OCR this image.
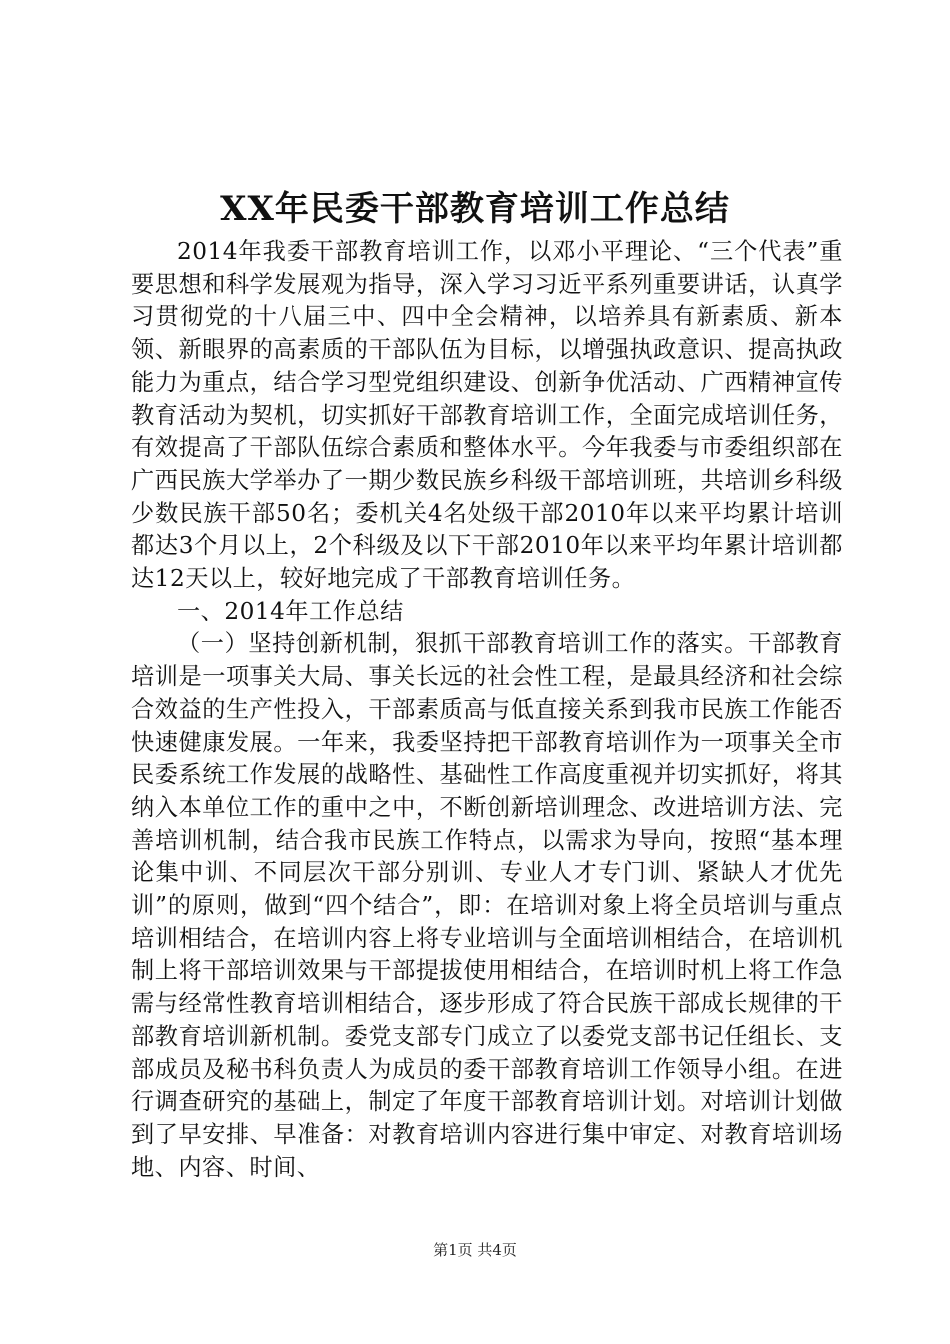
XX年民委干部教育培训工作总结

2014年我委干部教育培训工作，以邓小平理论、“三个代表”重要思想和科学发展观为指导，深入学习习近平系列重要讲话，认真学习贯彻党的十八届三中、四中全会精神，以培养具有新素质、新本领、新眼界的高素质的干部队伍为目标，以增强执政意识、提高执政能力为重点，结合学习型党组织建设、创新争优活动、广西精神宣传教育活动为契机，切实抓好干部教育培训工作，全面完成培训任务，有效提高了干部队伍综合素质和整体水平。今年我委与市委组织部在广西民族大学举办了一期少数民族乡科级干部培训班，共培训乡科级少数民族干部50名；委机关4名处级干部2010年以来平均累计培训都达3个月以上，2个科级及以下干部2010年以来平均年累计培训都达12天以上，较好地完成了干部教育培训任务。

一、2014年工作总结

（一）坚持创新机制，狠抓干部教育培训工作的落实。干部教育培训是一项事关大局、事关长远的社会性工程，是最具经济和社会综合效益的生产性投入，干部素质高与低直接关系到我市民族工作能否快速健康发展。一年来，我委坚持把干部教育培训作为一项事关全市民委系统工作发展的战略性、基础性工作高度重视并切实抓好，将其纳入本单位工作的重中之中，不断创新培训理念、改进培训方法、完善培训机制，结合我市民族工作特点，以需求为导向，按照“基本理论集中训、不同层次干部分别训、专业人才专门训、紧缺人才优先训”的原则，做到“四个结合”，即：在培训对象上将全员培训与重点培训相结合，在培训内容上将专业培训与全面培训相结合，在培训机制上将干部培训效果与干部提拔使用相结合，在培训时机上将工作急需与经常性教育培训相结合，逐步形成了符合民族干部成长规律的干部教育培训新机制。委党支部专门成立了以委党支部书记任组长、支部成员及秘书科负责人为成员的委干部教育培训工作领导小组。在进行调查研究的基础上，制定了年度干部教育培训计划。对培训计划做到了早安排、早准备：对教育培训内容进行集中审定、对教育培训场地、内容、时间、

第1页 共4页
